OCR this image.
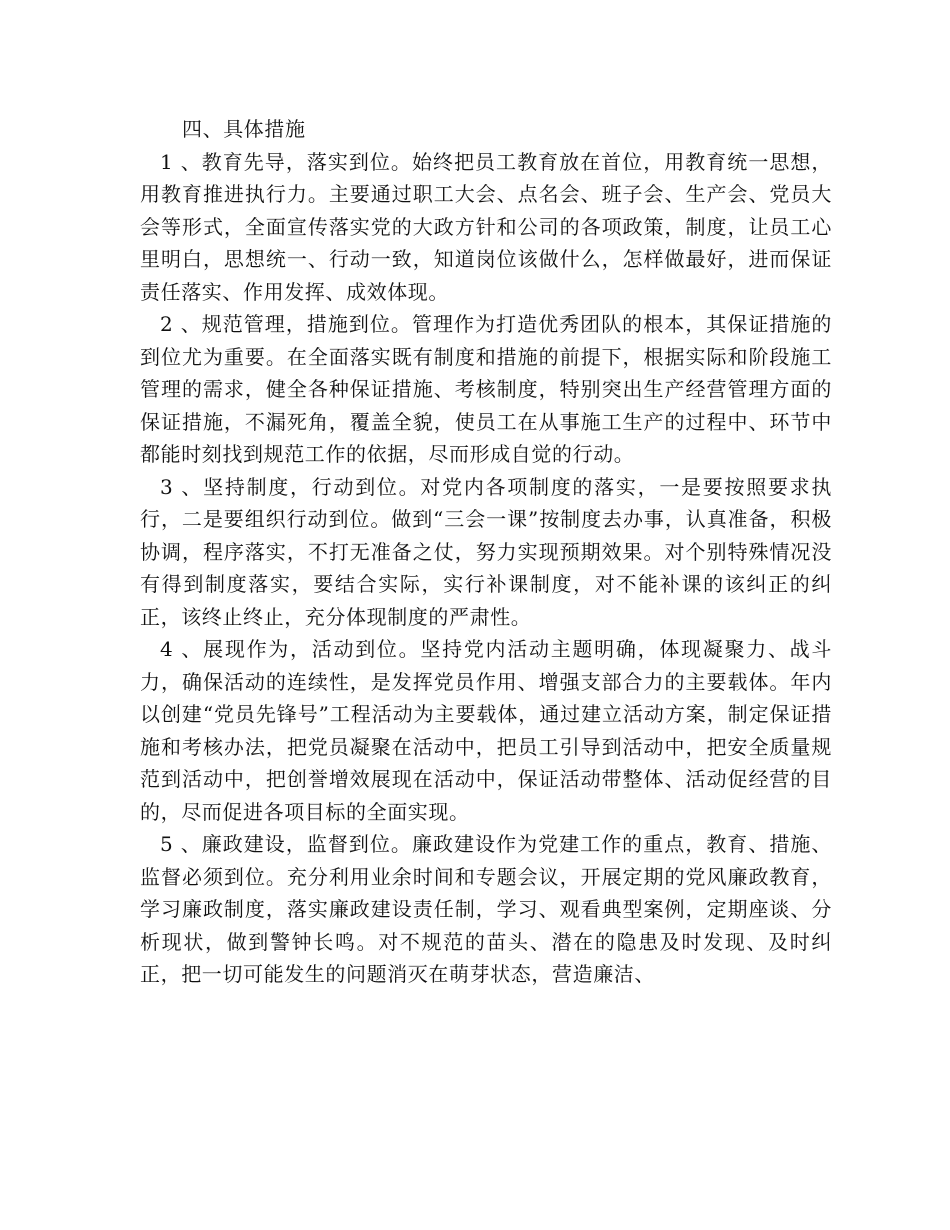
四、具体措施

1 、教育先导，落实到位。始终把员工教育放在首位，用教育统一思想，用教育推进执行力。主要通过职工大会、点名会、班子会、生产会、党员大会等形式，全面宣传落实党的大政方针和公司的各项政策，制度，让员工心里明白，思想统一、行动一致，知道岗位该做什么，怎样做最好，进而保证责任落实、作用发挥、成效体现。

2 、规范管理，措施到位。管理作为打造优秀团队的根本，其保证措施的到位尤为重要。在全面落实既有制度和措施的前提下，根据实际和阶段施工管理的需求，健全各种保证措施、考核制度，特别突出生产经营管理方面的保证措施，不漏死角，覆盖全貌，使员工在从事施工生产的过程中、环节中都能时刻找到规范工作的依据，尽而形成自觉的行动。

3 、坚持制度，行动到位。对党内各项制度的落实，一是要按照要求执行，二是要组织行动到位。做到“三会一课”按制度去办事，认真准备，积极协调，程序落实，不打无准备之仗，努力实现预期效果。对个别特殊情况没有得到制度落实，要结合实际，实行补课制度，对不能补课的该纠正的纠正，该终止终止，充分体现制度的严肃性。

4 、展现作为，活动到位。坚持党内活动主题明确，体现凝聚力、战斗力，确保活动的连续性，是发挥党员作用、增强支部合力的主要载体。年内以创建“党员先锋号”工程活动为主要载体，通过建立活动方案，制定保证措施和考核办法，把党员凝聚在活动中，把员工引导到活动中，把安全质量规范到活动中，把创誉增效展现在活动中，保证活动带整体、活动促经营的目的，尽而促进各项目标的全面实现。

5 、廉政建设，监督到位。廉政建设作为党建工作的重点，教育、措施、监督必须到位。充分利用业余时间和专题会议，开展定期的党风廉政教育，学习廉政制度，落实廉政建设责任制，学习、观看典型案例，定期座谈、分析现状，做到警钟长鸣。对不规范的苗头、潜在的隐患及时发现、及时纠正，把一切可能发生的问题消灭在萌芽状态，营造廉洁、
